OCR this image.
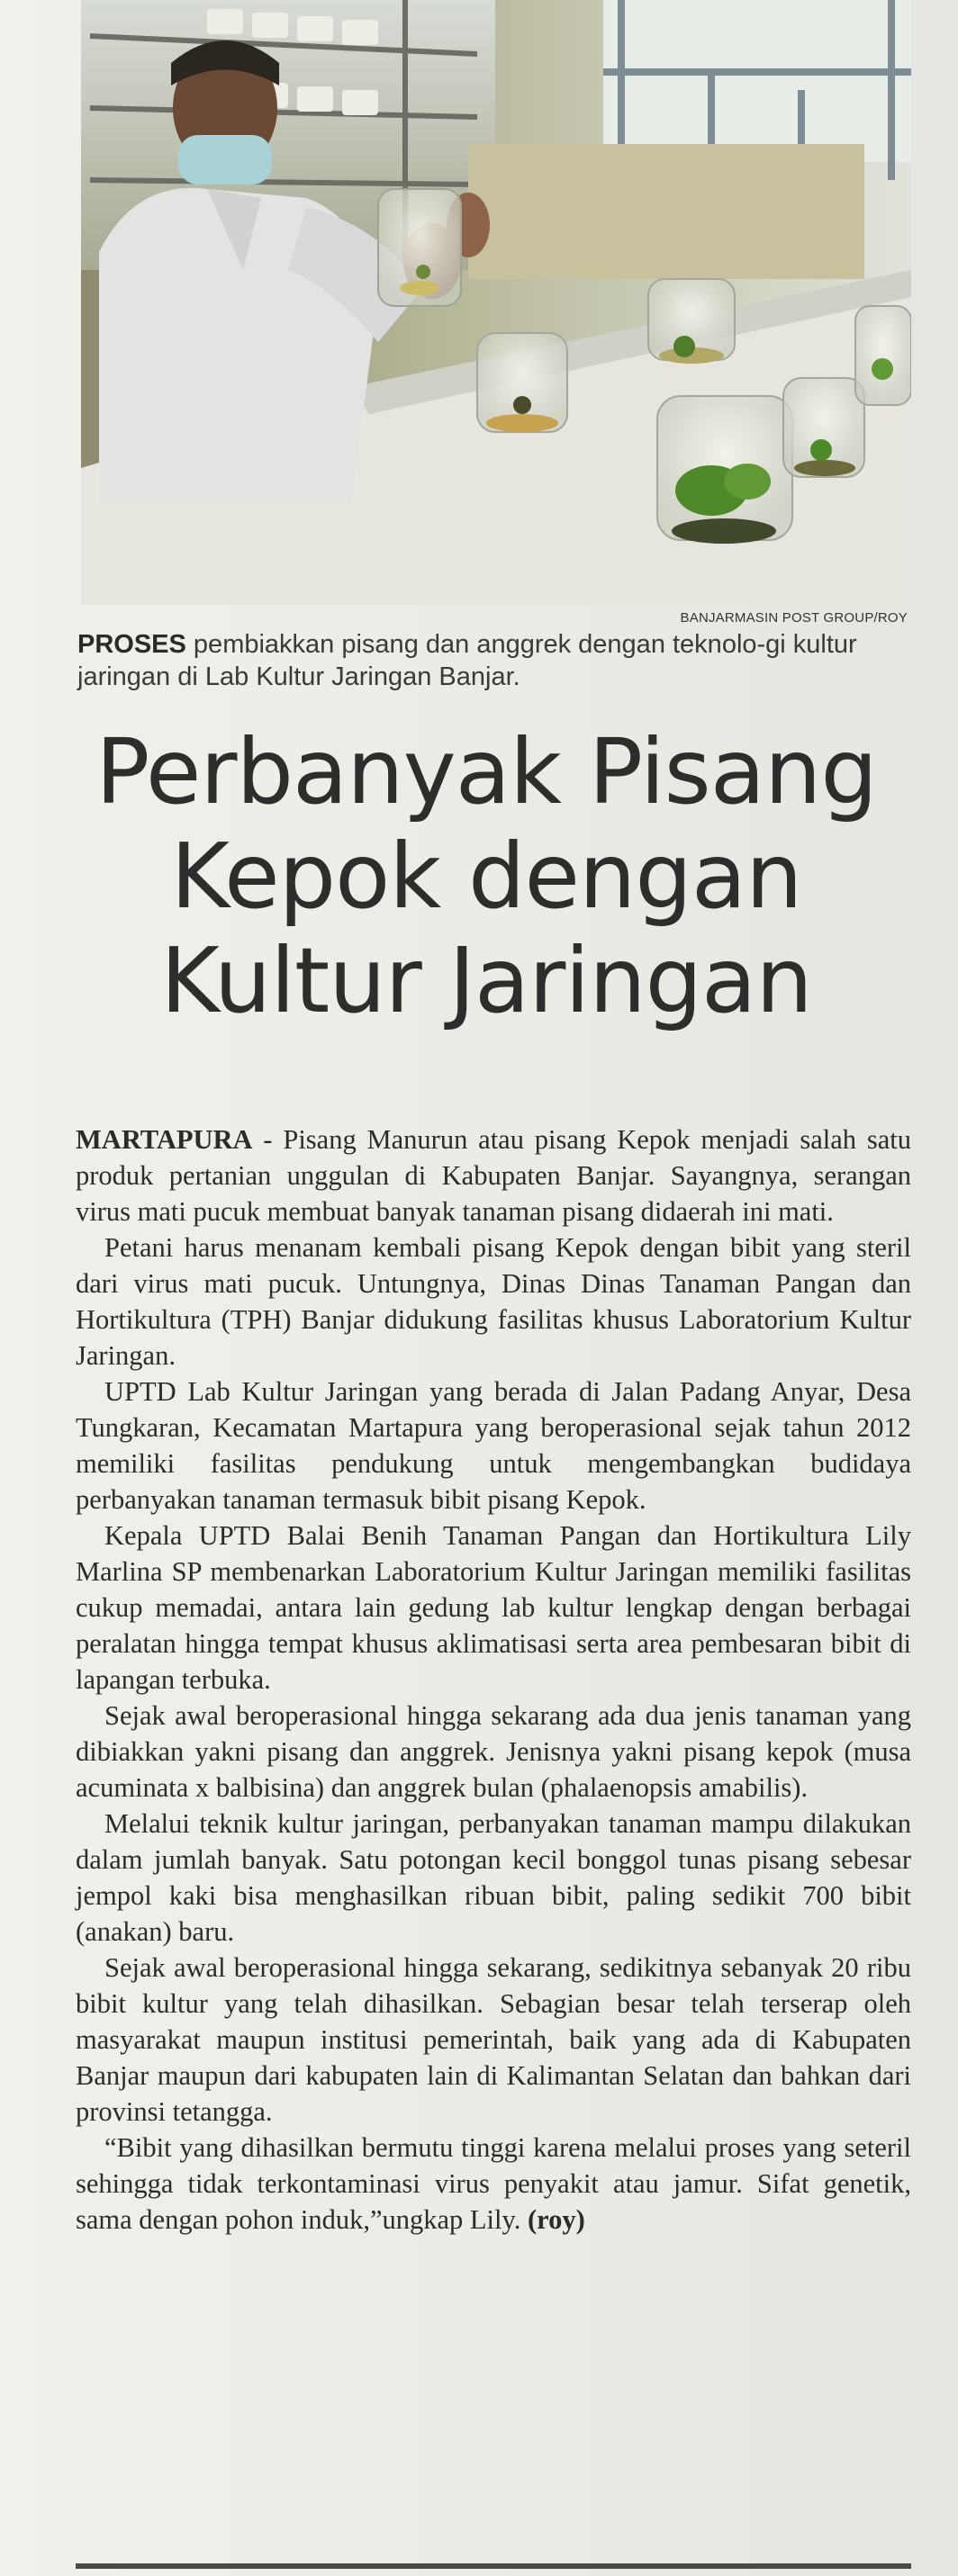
BANJARMASIN POST GROUP/ROY
PROSES pembiakkan pisang dan anggrek dengan teknolo-gi kultur jaringan di Lab Kultur Jaringan Banjar.
Perbanyak Pisang Kepok dengan Kultur Jaringan

MARTAPURA - Pisang Manurun atau pisang Kepok menjadi salah satu produk pertanian unggulan di Kabupaten Banjar. Sayangnya, serangan virus mati pucuk membuat banyak tanaman pisang didaerah ini mati.

Petani harus menanam kembali pisang Kepok dengan bibit yang steril dari virus mati pucuk. Untungnya, Dinas Dinas Tanaman Pangan dan Hortikultura (TPH) Banjar didukung fasilitas khusus Laboratorium Kultur Jaringan.

UPTD Lab Kultur Jaringan yang berada di Jalan Padang Anyar, Desa Tungkaran, Kecamatan Martapura yang beroperasional sejak tahun 2012 memiliki fasilitas pendukung untuk mengembangkan budidaya perbanyakan tanaman termasuk bibit pisang Kepok.

Kepala UPTD Balai Benih Tanaman Pangan dan Hortikultura Lily Marlina SP membenarkan Laboratorium Kultur Jaringan memiliki fasilitas cukup memadai, antara lain gedung lab kultur lengkap dengan berbagai peralatan hingga tempat khusus aklimatisasi serta area pembesaran bibit di lapangan terbuka.

Sejak awal beroperasional hingga sekarang ada dua jenis tanaman yang dibiakkan yakni pisang dan anggrek. Jenisnya yakni pisang kepok (musa acuminata x balbisina) dan anggrek bulan (phalaenopsis amabilis).

Melalui teknik kultur jaringan, perbanyakan tanaman mampu dilakukan dalam jumlah banyak. Satu potongan kecil bonggol tunas pisang sebesar jempol kaki bisa menghasilkan ribuan bibit, paling sedikit 700 bibit (anakan) baru.

Sejak awal beroperasional hingga sekarang, sedikitnya sebanyak 20 ribu bibit kultur yang telah dihasilkan. Sebagian besar telah terserap oleh masyarakat maupun institusi pemerintah, baik yang ada di Kabupaten Banjar maupun dari kabupaten lain di Kalimantan Selatan dan bahkan dari provinsi tetangga.

“Bibit yang dihasilkan bermutu tinggi karena melalui proses yang seteril sehingga tidak terkontaminasi virus penyakit atau jamur. Sifat genetik, sama dengan pohon induk,”ungkap Lily. (roy)
